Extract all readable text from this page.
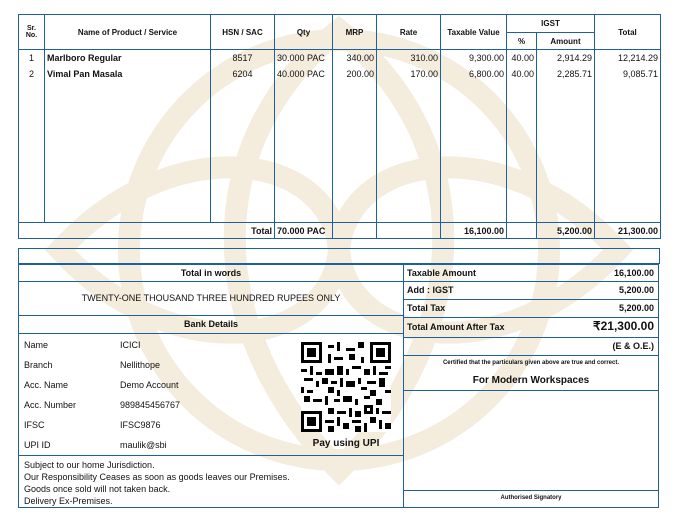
Sr. No.	Name of Product / Service	HSN / SAC	Qty	MRP	Rate	Taxable Value	IGST		Total
							%	Amount	
1	Marlboro Regular	8517	30.000 PAC	340.00	310.00	9,300.00	40.00	2,914.29	12,214.29
2	Vimal Pan Masala	6204	40.000 PAC	200.00	170.00	6,800.00	40.00	2,285.71	9,085.71

Total			70.000 PAC			16,100.00		5,200.00	21,300.00
Total in words
TWENTY-ONE THOUSAND THREE HUNDRED RUPEES ONLY
Bank Details
Name	ICICI
Branch	Nellithope
Acc. Name	Demo Account
Acc. Number	989845456767
IFSC	IFSC9876
UPI ID	maulik@sbi	Pay using UPI
Subject to our home Jurisdiction.
Our Responsibility Ceases as soon as goods leaves our Premises.
Goods once sold will not taken back.
Delivery Ex-Premises.
Taxable Amount	16,100.00
Add : IGST	5,200.00
Total Tax	5,200.00
Total Amount After Tax	₹21,300.00
(E & O.E.)
Certified that the particulars given above are true and correct.
For Modern Workspaces
Authorised Signatory
